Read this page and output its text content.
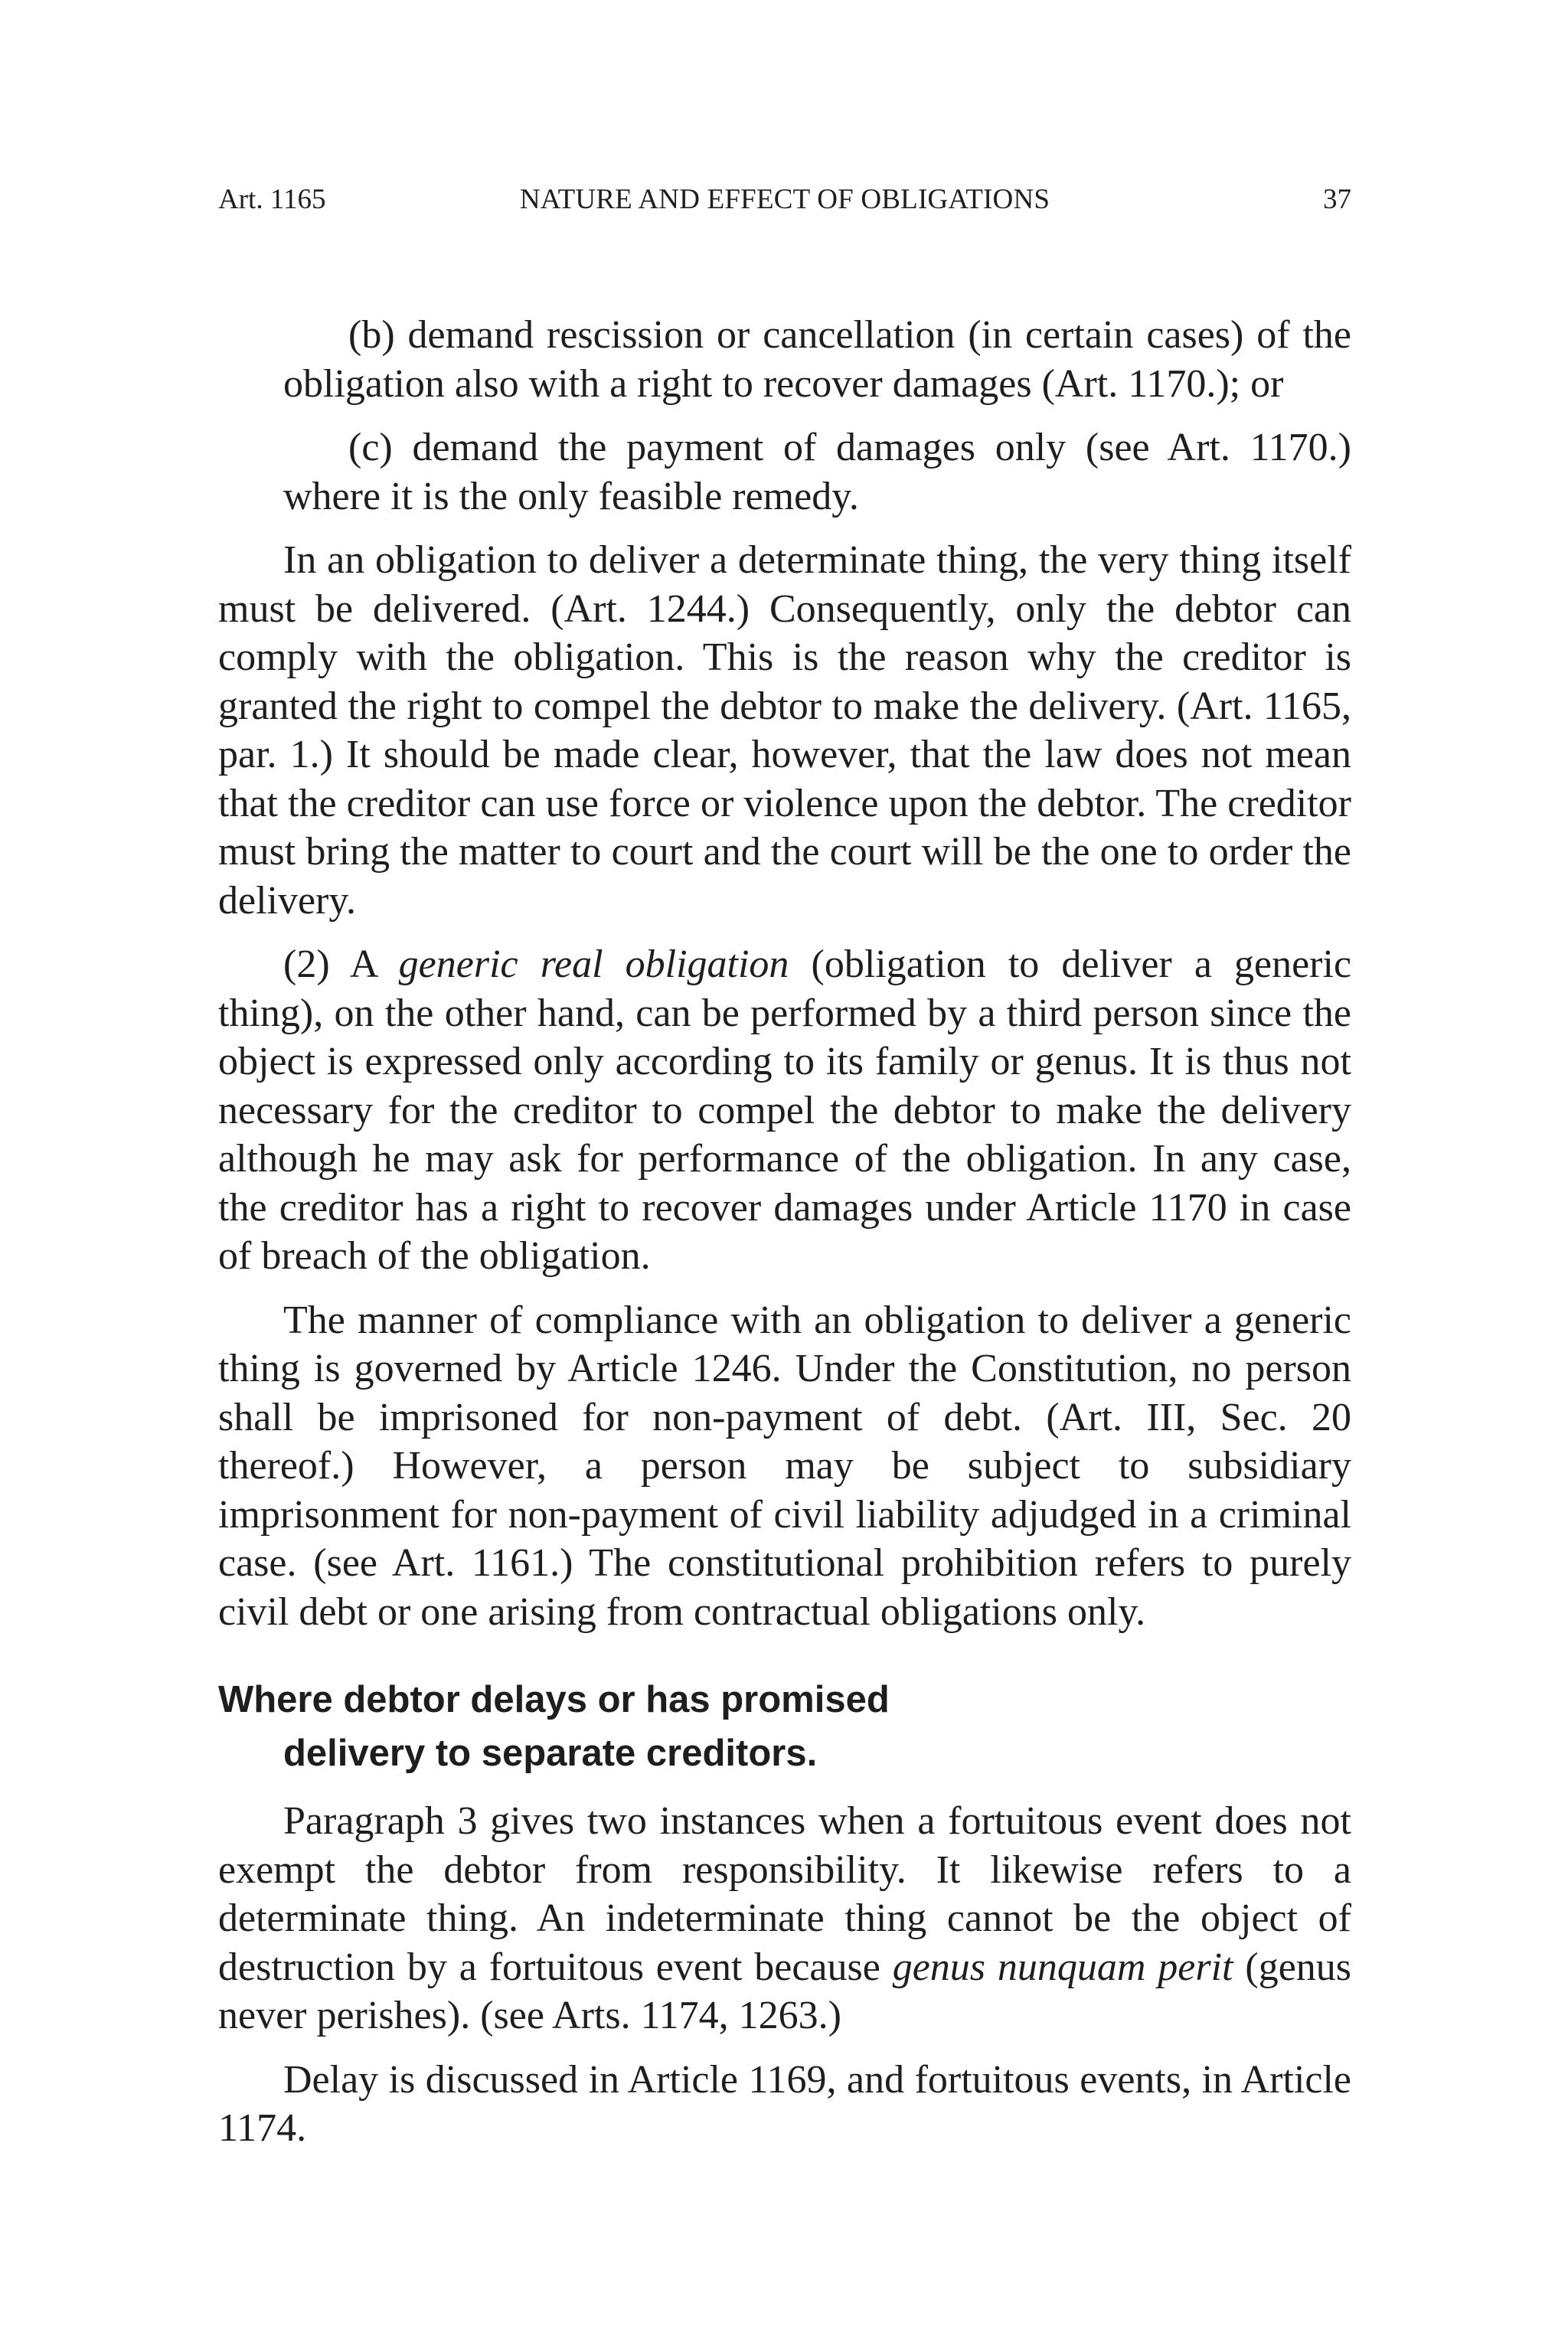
Art. 1165	NATURE AND EFFECT OF OBLIGATIONS	37

(b) demand rescission or cancellation (in certain cases) of the obligation also with a right to recover damages (Art. 1170.); or

(c) demand the payment of damages only (see Art. 1170.) where it is the only feasible remedy.

In an obligation to deliver a determinate thing, the very thing itself must be delivered. (Art. 1244.) Consequently, only the debtor can comply with the obligation. This is the reason why the creditor is granted the right to compel the debtor to make the delivery. (Art. 1165, par. 1.) It should be made clear, however, that the law does not mean that the creditor can use force or violence upon the debtor. The creditor must bring the matter to court and the court will be the one to order the delivery.

(2) A generic real obligation (obligation to deliver a generic thing), on the other hand, can be performed by a third person since the object is expressed only according to its family or genus. It is thus not necessary for the creditor to compel the debtor to make the delivery although he may ask for performance of the obligation. In any case, the creditor has a right to recover damages under Article 1170 in case of breach of the obligation.

The manner of compliance with an obligation to deliver a generic thing is governed by Article 1246. Under the Constitution, no person shall be imprisoned for non-payment of debt. (Art. III, Sec. 20 thereof.) However, a person may be subject to subsidiary imprisonment for non-payment of civil liability adjudged in a criminal case. (see Art. 1161.) The constitutional prohibition refers to purely civil debt or one arising from contractual obligations only.

Where debtor delays or has promised
delivery to separate creditors.

Paragraph 3 gives two instances when a fortuitous event does not exempt the debtor from responsibility. It likewise refers to a determinate thing. An indeterminate thing cannot be the object of destruction by a fortuitous event because genus nunquam perit (genus never perishes). (see Arts. 1174, 1263.)

Delay is discussed in Article 1169, and fortuitous events, in Article 1174.
